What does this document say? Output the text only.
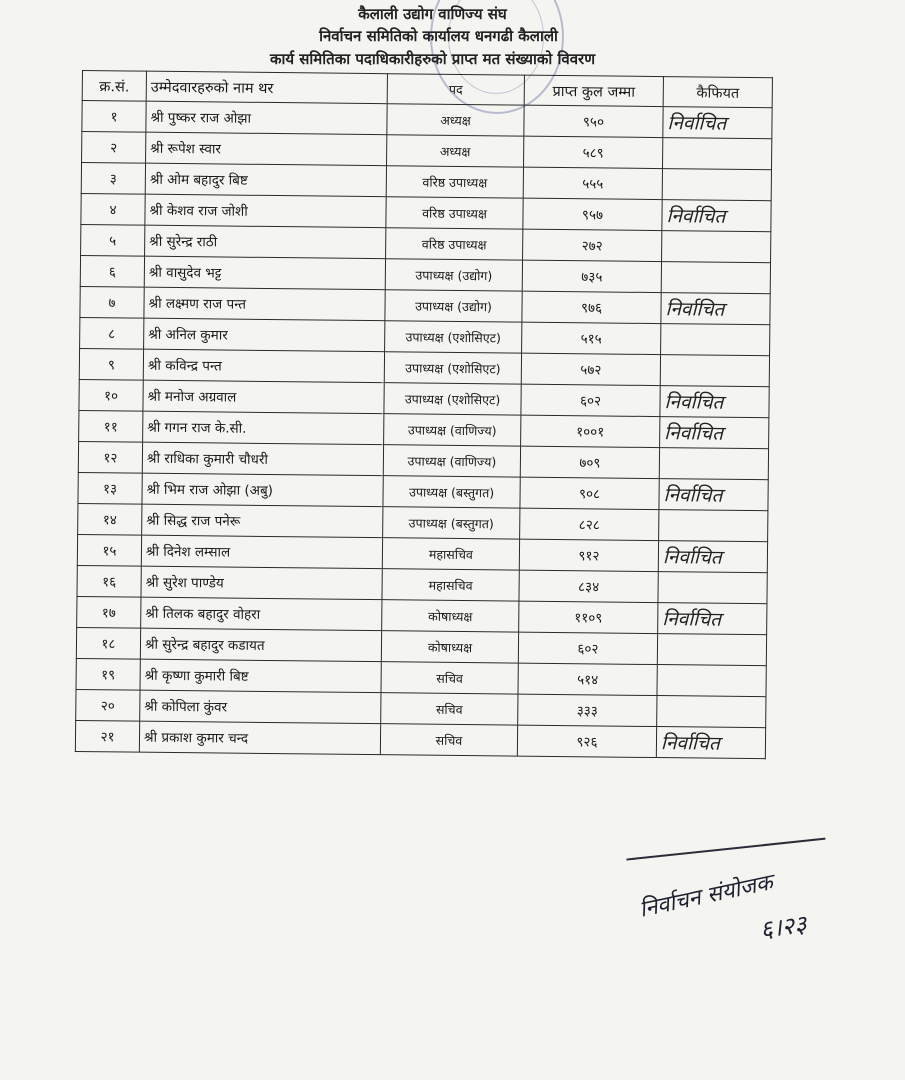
कैलाली उद्योग वाणिज्य संघ
निर्वाचन समितिको कार्यालय धनगढी कैलाली
कार्य समितिका पदाधिकारीहरुको प्राप्त मत संख्याको विवरण
क्र.सं.	उम्मेदवारहरुको नाम थर	पद	प्राप्त कुल जम्मा	कैफियत
१	श्री पुष्कर राज ओझा	अध्यक्ष	९५०	निर्वाचित
२	श्री रूपेश स्वार	अध्यक्ष	५८९	
३	श्री ओम बहादुर बिष्ट	वरिष्ठ उपाध्यक्ष	५५५	
४	श्री केशव राज जोशी	वरिष्ठ उपाध्यक्ष	९५७	निर्वाचित
५	श्री सुरेन्द्र राठी	वरिष्ठ उपाध्यक्ष	२७२	
६	श्री वासुदेव भट्ट	उपाध्यक्ष (उद्योग)	७३५	
७	श्री लक्ष्मण राज पन्त	उपाध्यक्ष (उद्योग)	९७६	निर्वाचित
८	श्री अनिल कुमार	उपाध्यक्ष (एशोसिएट)	५१५	
९	श्री कविन्द्र पन्त	उपाध्यक्ष (एशोसिएट)	५७२	
१०	श्री मनोज अग्रवाल	उपाध्यक्ष (एशोसिएट)	६०२	निर्वाचित
११	श्री गगन राज के.सी.	उपाध्यक्ष (वाणिज्य)	१००१	निर्वाचित
१२	श्री राधिका कुमारी चौधरी	उपाध्यक्ष (वाणिज्य)	७०९	
१३	श्री भिम राज ओझा (अबु)	उपाध्यक्ष (बस्तुगत)	९०८	निर्वाचित
१४	श्री सिद्ध राज पनेरू	उपाध्यक्ष (बस्तुगत)	८२८	
१५	श्री दिनेश लम्साल	महासचिव	९१२	निर्वाचित
१६	श्री सुरेश पाण्डेय	महासचिव	८३४	
१७	श्री तिलक बहादुर वोहरा	कोषाध्यक्ष	११०९	निर्वाचित
१८	श्री सुरेन्द्र बहादुर कडायत	कोषाध्यक्ष	६०२	
१९	श्री कृष्णा कुमारी बिष्ट	सचिव	५१४	
२०	श्री कोपिला कुंवर	सचिव	३३३	
२१	श्री प्रकाश कुमार चन्द	सचिव	९२६	निर्वाचित
निर्वाचन संयोजक
६।२३
